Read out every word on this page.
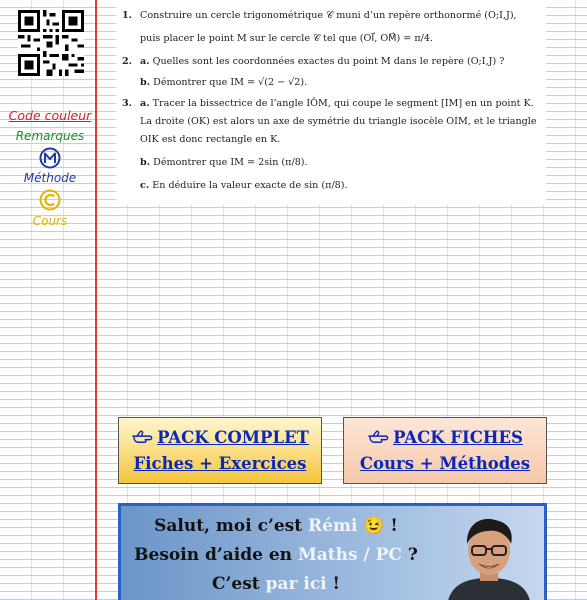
Code couleur
Remarques
Méthode
Cours
1. Construire un cercle trigonométrique 𝒞 muni d’un repère orthonormé (O;I,J),
puis placer le point M sur le cercle 𝒞 tel que (OI⃗, OM⃗) = π/4.
2. a. Quelles sont les coordonnées exactes du point M dans le repère (O;I,J) ?
b. Démontrer que IM = √(2 − √2).
3. a. Tracer la bissectrice de l’angle IÔM, qui coupe le segment [IM] en un point K.
La droite (OK) est alors un axe de symétrie du triangle isocèle OIM, et le triangle
OIK est donc rectangle en K.
b. Démontrer que IM = 2sin (π/8).
c. En déduire la valeur exacte de sin (π/8).
PACK COMPLET
Fiches + Exercices
PACK FICHES
Cours + Méthodes
Salut, moi c’est Rémi 😉 !
Besoin d’aide en Maths / PC ?
C’est par ici !
